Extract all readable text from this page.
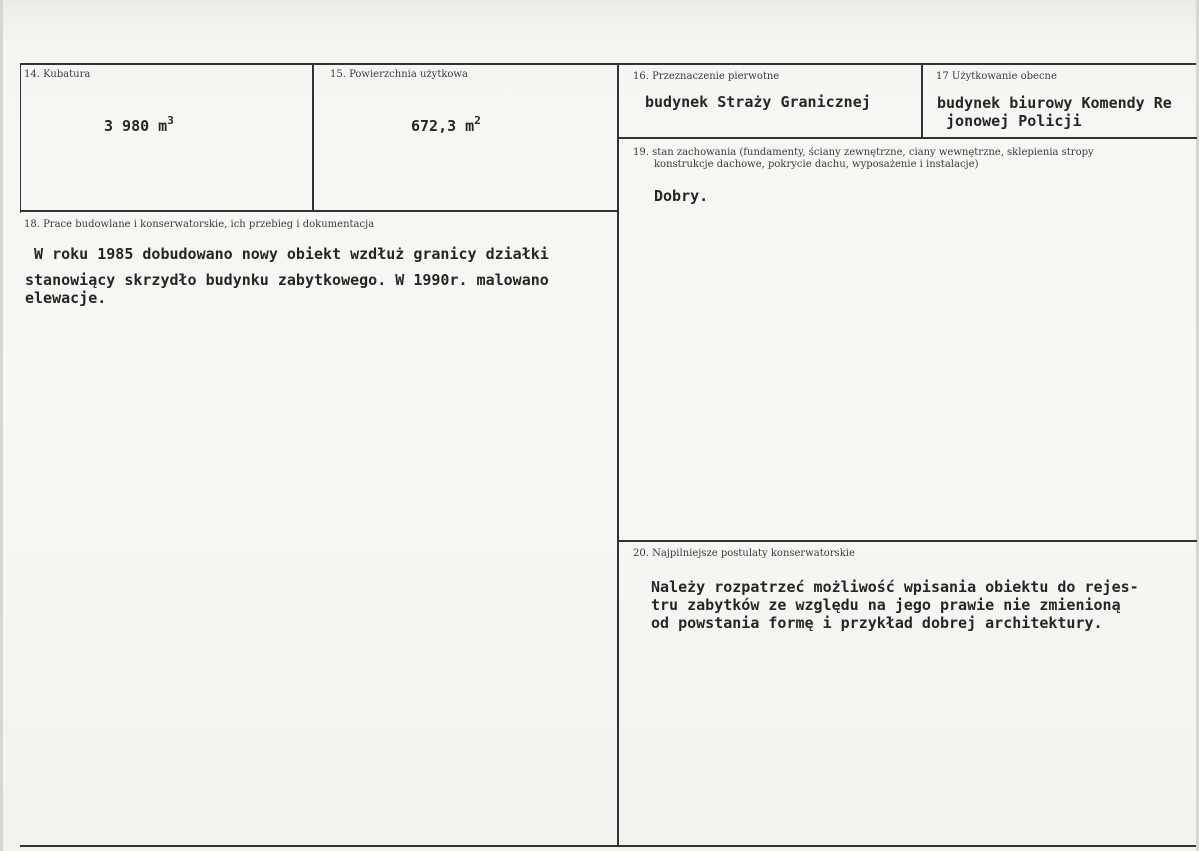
14. Kubatura
3 980 $m^3$
15. Powierzchnia użytkowa
672,3 $m^2$
16. Przeznaczenie pierwotne
budynek Straży Granicznej
17 Użytkowanie obecne
budynek biurowy Komendy Re
jonowej Policji
18. Prace budowlane i konserwatorskie, ich przebieg i dokumentacja
W roku 1985 dobudowano nowy obiekt wzdłuż granicy działki
stanowiący skrzydło budynku zabytkowego. W 1990r. malowano
elewacje.
19. stan zachowania (fundamenty, ściany zewnętrzne, ciany wewnętrzne, sklepienia stropy
konstrukcje dachowe, pokrycie dachu, wyposażenie i instalacje)
Dobry.
20. Najpilniejsze postulaty konserwatorskie
Należy rozpatrzeć możliwość wpisania obiektu do rejes-
tru zabytków ze względu na jego prawie nie zmienioną
od powstania formę i przykład dobrej architektury.
